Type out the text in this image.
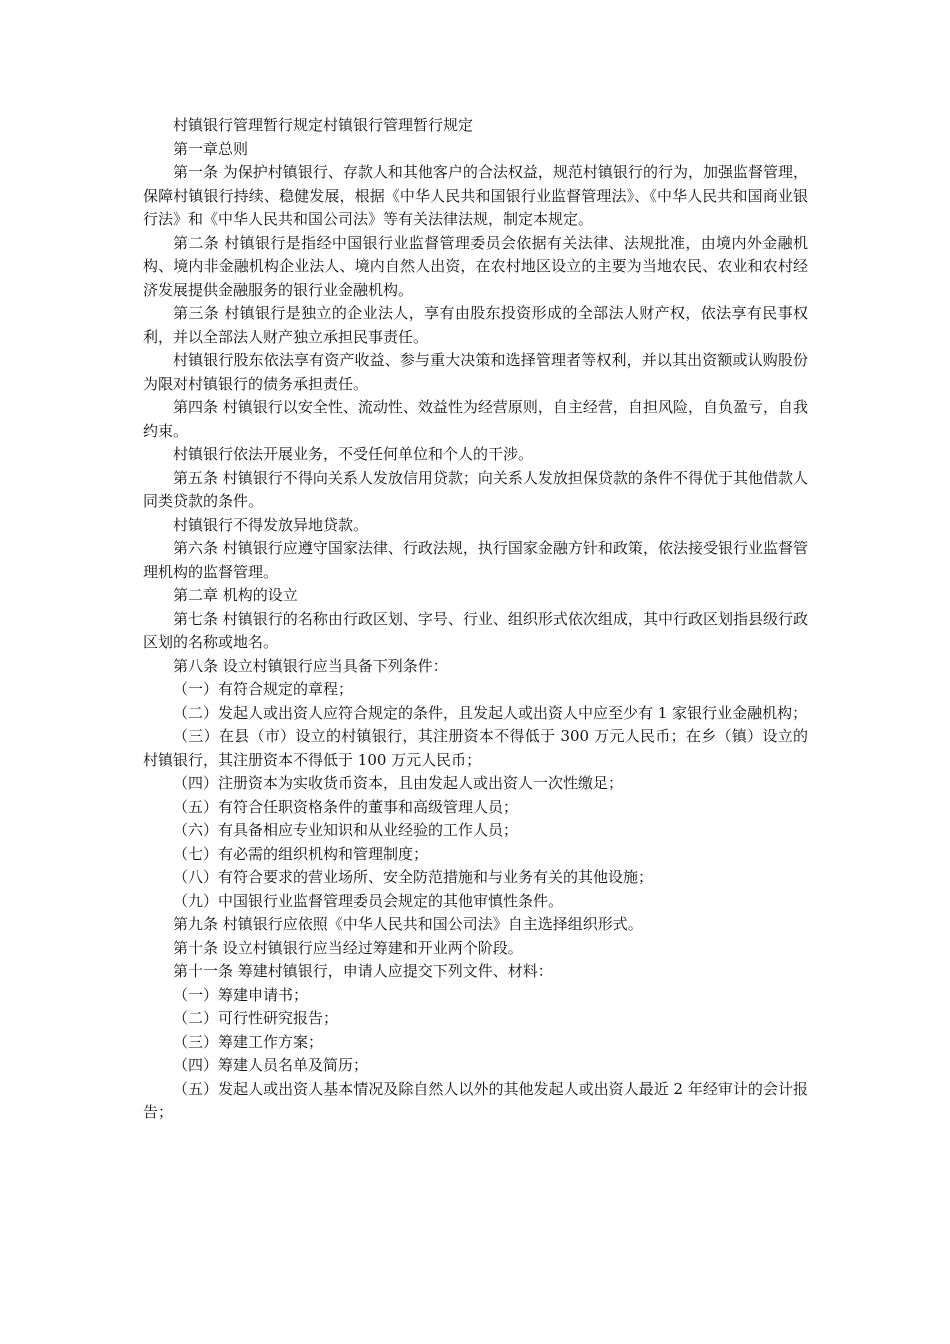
村镇银行管理暂行规定村镇银行管理暂行规定

第一章总则

第一条 为保护村镇银行、存款人和其他客户的合法权益，规范村镇银行的行为，加强监督管理，保障村镇银行持续、稳健发展，根据《中华人民共和国银行业监督管理法》、《中华人民共和国商业银行法》和《中华人民共和国公司法》等有关法律法规，制定本规定。

第二条 村镇银行是指经中国银行业监督管理委员会依据有关法律、法规批准，由境内外金融机构、境内非金融机构企业法人、境内自然人出资，在农村地区设立的主要为当地农民、农业和农村经济发展提供金融服务的银行业金融机构。

第三条 村镇银行是独立的企业法人，享有由股东投资形成的全部法人财产权，依法享有民事权利，并以全部法人财产独立承担民事责任。

村镇银行股东依法享有资产收益、参与重大决策和选择管理者等权利，并以其出资额或认购股份为限对村镇银行的债务承担责任。

第四条 村镇银行以安全性、流动性、效益性为经营原则，自主经营，自担风险，自负盈亏，自我约束。

村镇银行依法开展业务，不受任何单位和个人的干涉。

第五条 村镇银行不得向关系人发放信用贷款；向关系人发放担保贷款的条件不得优于其他借款人同类贷款的条件。

村镇银行不得发放异地贷款。

第六条 村镇银行应遵守国家法律、行政法规，执行国家金融方针和政策，依法接受银行业监督管理机构的监督管理。

第二章 机构的设立

第七条 村镇银行的名称由行政区划、字号、行业、组织形式依次组成，其中行政区划指县级行政区划的名称或地名。

第八条 设立村镇银行应当具备下列条件：

（一）有符合规定的章程；

（二）发起人或出资人应符合规定的条件，且发起人或出资人中应至少有 1 家银行业金融机构；

（三）在县（市）设立的村镇银行，其注册资本不得低于 300 万元人民币；在乡（镇）设立的村镇银行，其注册资本不得低于 100 万元人民币；

（四）注册资本为实收货币资本，且由发起人或出资人一次性缴足；

（五）有符合任职资格条件的董事和高级管理人员；

（六）有具备相应专业知识和从业经验的工作人员；

（七）有必需的组织机构和管理制度；

（八）有符合要求的营业场所、安全防范措施和与业务有关的其他设施；

（九）中国银行业监督管理委员会规定的其他审慎性条件。

第九条 村镇银行应依照《中华人民共和国公司法》自主选择组织形式。

第十条 设立村镇银行应当经过筹建和开业两个阶段。

第十一条 筹建村镇银行，申请人应提交下列文件、材料：

（一）筹建申请书；

（二）可行性研究报告；

（三）筹建工作方案；

（四）筹建人员名单及简历；

（五）发起人或出资人基本情况及除自然人以外的其他发起人或出资人最近 2 年经审计的会计报告；
